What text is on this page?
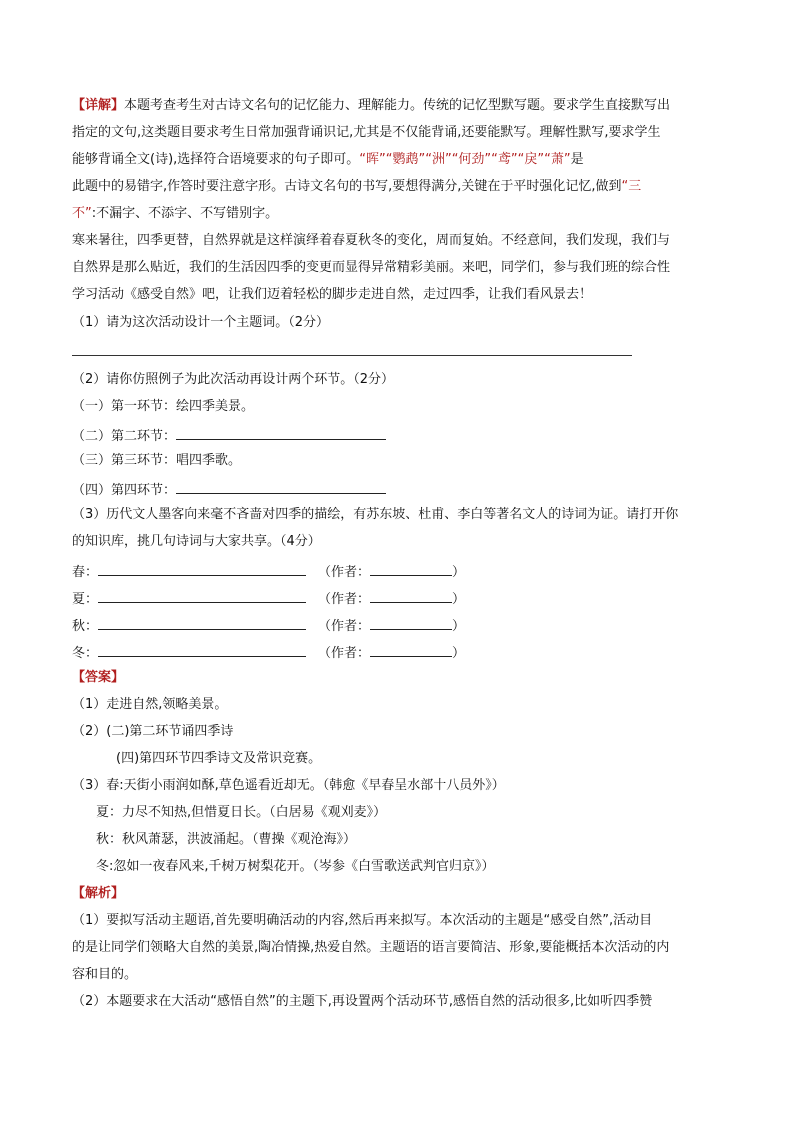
【详解】本题考查考生对古诗文名句的记忆能力、理解能力。传统的记忆型默写题。要求学生直接默写出
指定的文句,这类题目要求考生日常加强背诵识记,尤其是不仅能背诵,还要能默写。理解性默写,要求学生
能够背诵全文(诗),选择符合语境要求的句子即可。“晖”“鹦鹉”“洲”“何劲”“鸢”“戾”“萧”是
此题中的易错字,作答时要注意字形。古诗文名句的书写,要想得满分,关键在于平时强化记忆,做到“三
不”:不漏字、不添字、不写错别字。
寒来暑往，四季更替，自然界就是这样演绎着春夏秋冬的变化，周而复始。不经意间，我们发现，我们与
自然界是那么贴近，我们的生活因四季的变更而显得异常精彩美丽。来吧，同学们，参与我们班的综合性
学习活动《感受自然》吧，让我们迈着轻松的脚步走进自然，走过四季，让我们看风景去！
（1）请为这次活动设计一个主题词。（2分）
（2）请你仿照例子为此次活动再设计两个环节。（2分）
（一）第一环节：绘四季美景。
（二）第二环节：
（三）第三环节：唱四季歌。
（四）第四环节：
（3）历代文人墨客向来毫不吝啬对四季的描绘，有苏东坡、杜甫、李白等著名文人的诗词为证。请打开你
的知识库，挑几句诗词与大家共享。（4分）
春：	（作者：	）
夏：	（作者：	）
秋：	（作者：	）
冬：	（作者：	）
【答案】
（1）走进自然,领略美景。
（2）(二)第二环节诵四季诗
(四)第四环节四季诗文及常识竞赛。
（3）春:天街小雨润如酥,草色遥看近却无。（韩愈《早春呈水部十八员外》）
夏：力尽不知热,但惜夏日长。（白居易《观刈麦》）
秋：秋风萧瑟，洪波涌起。（曹操《观沧海》）
冬:忽如一夜春风来,千树万树梨花开。（岑参《白雪歌送武判官归京》）
【解析】
（1）要拟写活动主题语,首先要明确活动的内容,然后再来拟写。本次活动的主题是“感受自然”,活动目
的是让同学们领略大自然的美景,陶冶情操,热爱自然。主题语的语言要简洁、形象,要能概括本次活动的内
容和目的。
（2）本题要求在大活动“感悟自然”的主题下,再设置两个活动环节,感悟自然的活动很多,比如听四季赞
